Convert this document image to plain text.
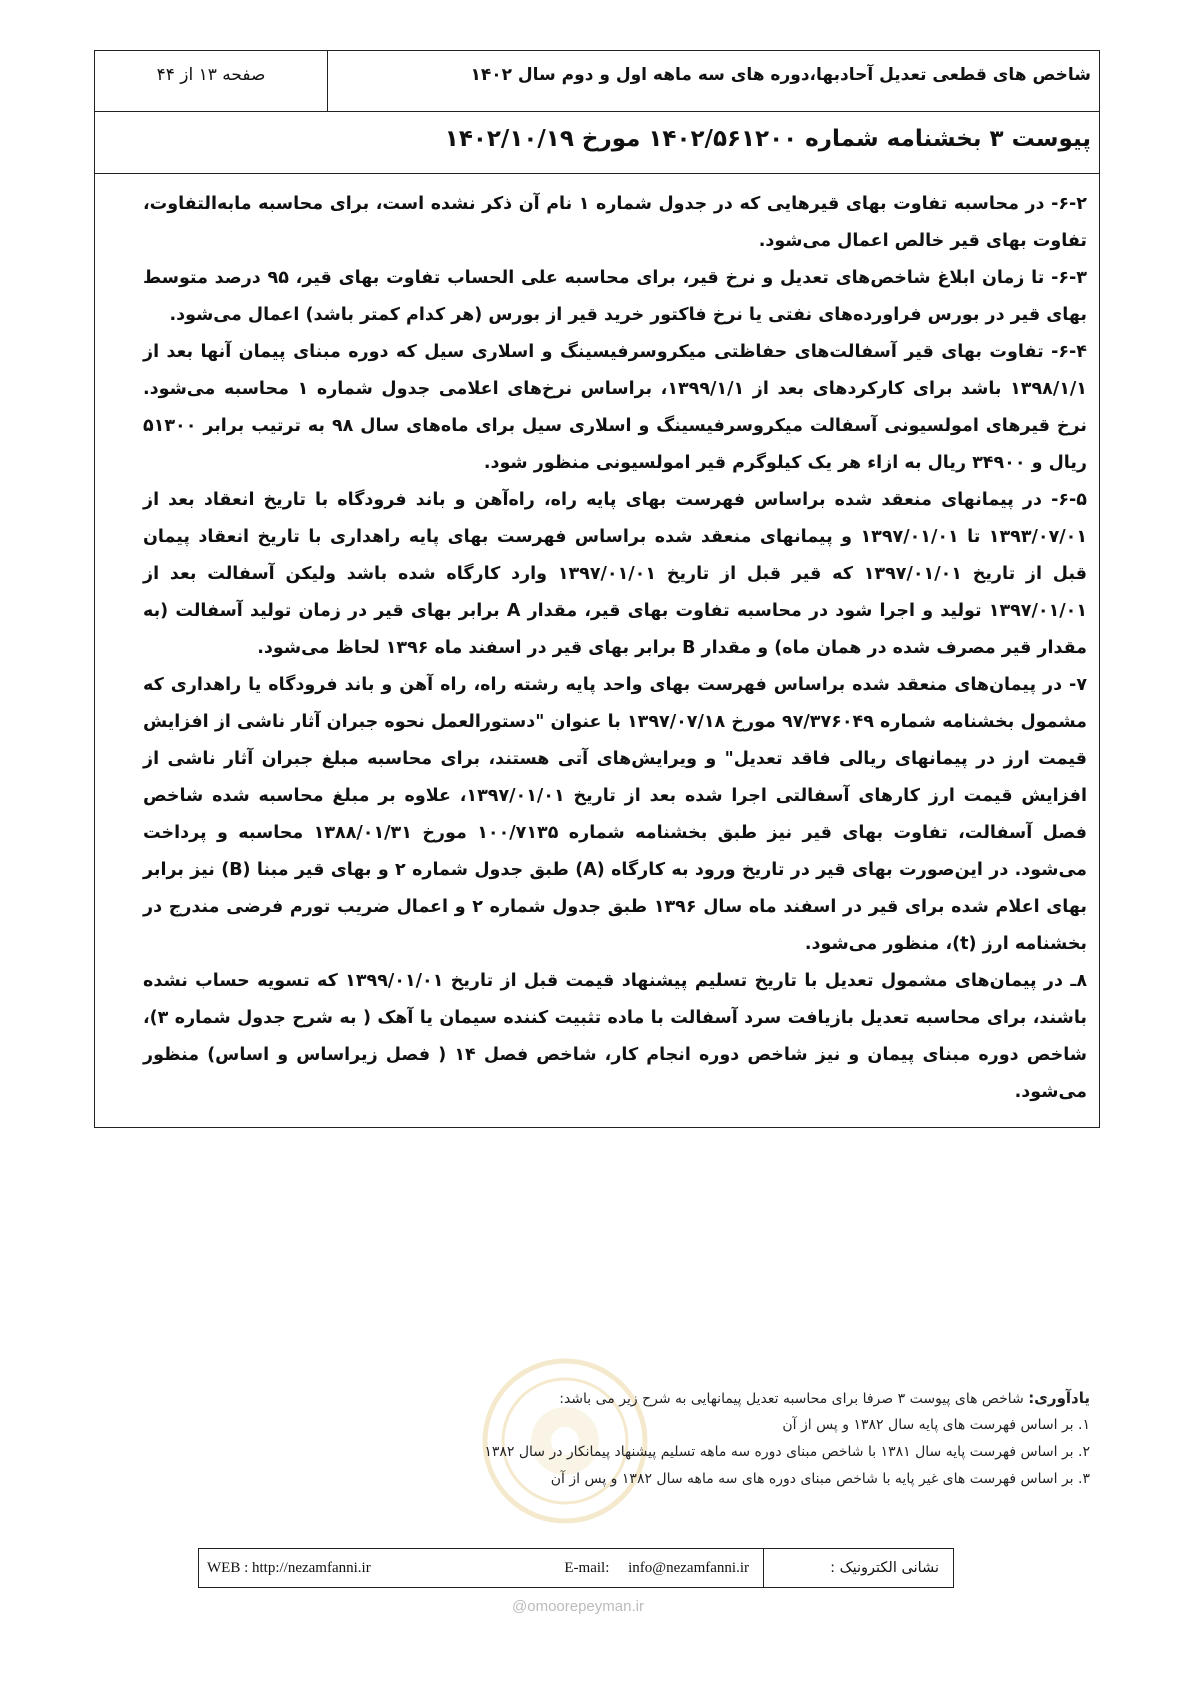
شاخص های قطعی تعدیل آحادبها،دوره های سه ماهه اول و دوم سال ۱۴۰۲
صفحه ۱۳ از ۴۴
پیوست ۳ بخشنامه شماره ۱۴۰۲/۵۶۱۲۰۰ مورخ ۱۴۰۲/۱۰/۱۹

۶-۲- در محاسبه تفاوت بهای قیرهایی که در جدول شماره ۱ نام آن ذکر نشده است، برای محاسبه مابه‌التفاوت، تفاوت بهای قیر خالص اعمال می‌شود.

۶-۳- تا زمان ابلاغ شاخص‌های تعدیل و نرخ قیر، برای محاسبه علی الحساب تفاوت بهای قیر، ۹۵ درصد متوسط بهای قیر در بورس فراورده‌های نفتی یا نرخ فاکتور خرید قیر از بورس (هر کدام کمتر باشد) اعمال می‌شود.

۶-۴- تفاوت بهای قیر آسفالت‌های حفاظتی میکروسرفیسینگ و اسلاری سیل که دوره مبنای پیمان آنها بعد از ۱۳۹۸/۱/۱ باشد برای کارکردهای بعد از ۱۳۹۹/۱/۱، براساس نرخ‌های اعلامی جدول شماره ۱ محاسبه می‌شود. نرخ قیرهای امولسیونی آسفالت میکروسرفیسینگ و اسلاری سیل برای ماه‌های سال ۹۸ به ترتیب برابر ۵۱۳۰۰ ریال و ۳۴۹۰۰ ریال به ازاء هر یک کیلوگرم قیر امولسیونی منظور شود.

۶-۵- در پیمانهای منعقد شده براساس فهرست بهای پایه راه، راه‌آهن و باند فرودگاه با تاریخ انعقاد بعد از ۱۳۹۳/۰۷/۰۱ تا ۱۳۹۷/۰۱/۰۱ و پیمانهای منعقد شده براساس فهرست بهای پایه راهداری با تاریخ انعقاد پیمان قبل از تاریخ ۱۳۹۷/۰۱/۰۱ که قیر قبل از تاریخ ۱۳۹۷/۰۱/۰۱ وارد کارگاه شده باشد ولیکن آسفالت بعد از ۱۳۹۷/۰۱/۰۱ تولید و اجرا شود در محاسبه تفاوت بهای قیر، مقدار A برابر بهای قیر در زمان تولید آسفالت (به مقدار قیر مصرف شده در همان ماه) و مقدار B برابر بهای قیر در اسفند ماه ۱۳۹۶ لحاظ می‌شود.

۷- در پیمان‌های منعقد شده براساس فهرست بهای واحد پایه رشته راه، راه آهن و باند فرودگاه یا راهداری که مشمول بخشنامه شماره ۹۷/۳۷۶۰۴۹ مورخ ۱۳۹۷/۰۷/۱۸ با عنوان "دستورالعمل نحوه جبران آثار ناشی از افزایش قیمت ارز در پیمانهای ریالی فاقد تعدیل" و ویرایش‌های آتی هستند، برای محاسبه مبلغ جبران آثار ناشی از افزایش قیمت ارز کارهای آسفالتی اجرا شده بعد از تاریخ ۱۳۹۷/۰۱/۰۱، علاوه بر مبلغ محاسبه شده شاخص فصل آسفالت، تفاوت بهای قیر نیز طبق بخشنامه شماره ۱۰۰/۷۱۳۵ مورخ ۱۳۸۸/۰۱/۳۱ محاسبه و پرداخت می‌شود. در این‌صورت بهای قیر در تاریخ ورود به کارگاه (A) طبق جدول شماره ۲ و بهای قیر مبنا (B) نیز برابر بهای اعلام شده برای قیر در اسفند ماه سال ۱۳۹۶ طبق جدول شماره ۲ و اعمال ضریب تورم فرضی مندرج در بخشنامه ارز (t)، منظور می‌شود.

۸ـ در پیمان‌های مشمول تعدیل با تاریخ تسلیم پیشنهاد قیمت قبل از تاریخ ۱۳۹۹/۰۱/۰۱ که تسویه حساب نشده باشند، برای محاسبه تعدیل بازیافت سرد آسفالت با ماده تثبیت کننده سیمان یا آهک ( به شرح جدول شماره ۳)، شاخص دوره مبنای پیمان و نیز شاخص دوره انجام کار، شاخص فصل ۱۴ ( فصل زیراساس و اساس) منظور می‌شود.

یادآوری: شاخص های پیوست ۳ صرفا برای محاسبه تعدیل پیمانهایی به شرح زیر می باشد:
۱. بر اساس فهرست های پایه سال ۱۳۸۲ و پس از آن
۲. بر اساس فهرست پایه سال ۱۳۸۱ با شاخص مبنای دوره سه ماهه تسلیم پیشنهاد پیمانکار در سال ۱۳۸۲
۳. بر اساس فهرست های غیر پایه با شاخص مبنای دوره های سه ماهه سال ۱۳۸۲ و پس از آن
نشانی الکترونیک :
WEB : http://nezamfanni.ir	E-mail: info@nezamfanni.ir
@omoorepeyman.ir
